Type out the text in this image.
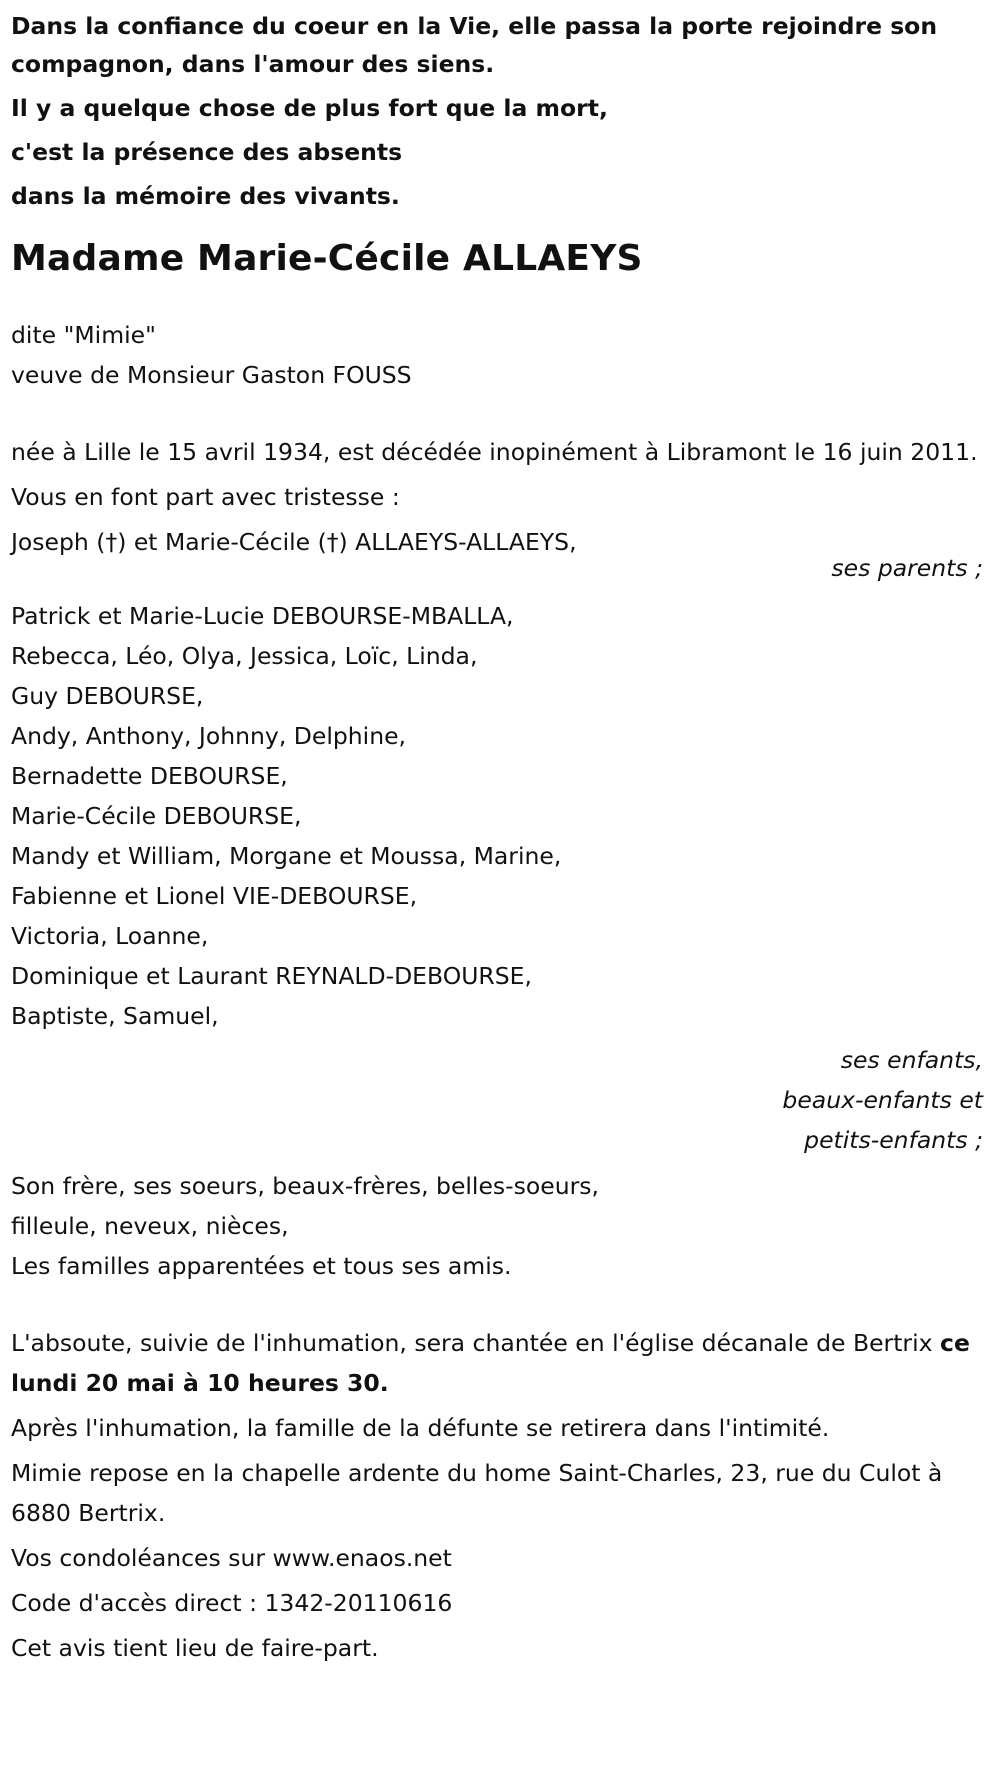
Dans la confiance du coeur en la Vie, elle passa la porte rejoindre son compagnon, dans l'amour des siens.

Il y a quelque chose de plus fort que la mort,

c'est la présence des absents

dans la mémoire des vivants.

Madame Marie-Cécile ALLAEYS

dite "Mimie"

veuve de Monsieur Gaston FOUSS

née à Lille le 15 avril 1934, est décédée inopinément à Libramont le 16 juin 2011.

Vous en font part avec tristesse :

Joseph (†) et Marie-Cécile (†) ALLAEYS-ALLAEYS,

ses parents ;

Patrick et Marie-Lucie DEBOURSE-MBALLA,

Rebecca, Léo, Olya, Jessica, Loïc, Linda,

Guy DEBOURSE,

Andy, Anthony, Johnny, Delphine,

Bernadette DEBOURSE,

Marie-Cécile DEBOURSE,

Mandy et William, Morgane et Moussa, Marine,

Fabienne et Lionel VIE-DEBOURSE,

Victoria, Loanne,

Dominique et Laurant REYNALD-DEBOURSE,

Baptiste, Samuel,

ses enfants, beaux-enfants et petits-enfants ;

Son frère, ses soeurs, beaux-frères, belles-soeurs,

filleule, neveux, nièces,

Les familles apparentées et tous ses amis.

L'absoute, suivie de l'inhumation, sera chantée en l'église décanale de Bertrix ce lundi 20 mai à 10 heures 30.

Après l'inhumation, la famille de la défunte se retirera dans l'intimité.

Mimie repose en la chapelle ardente du home Saint-Charles, 23, rue du Culot à 6880 Bertrix.

Vos condoléances sur www.enaos.net

Code d'accès direct : 1342-20110616

Cet avis tient lieu de faire-part.
